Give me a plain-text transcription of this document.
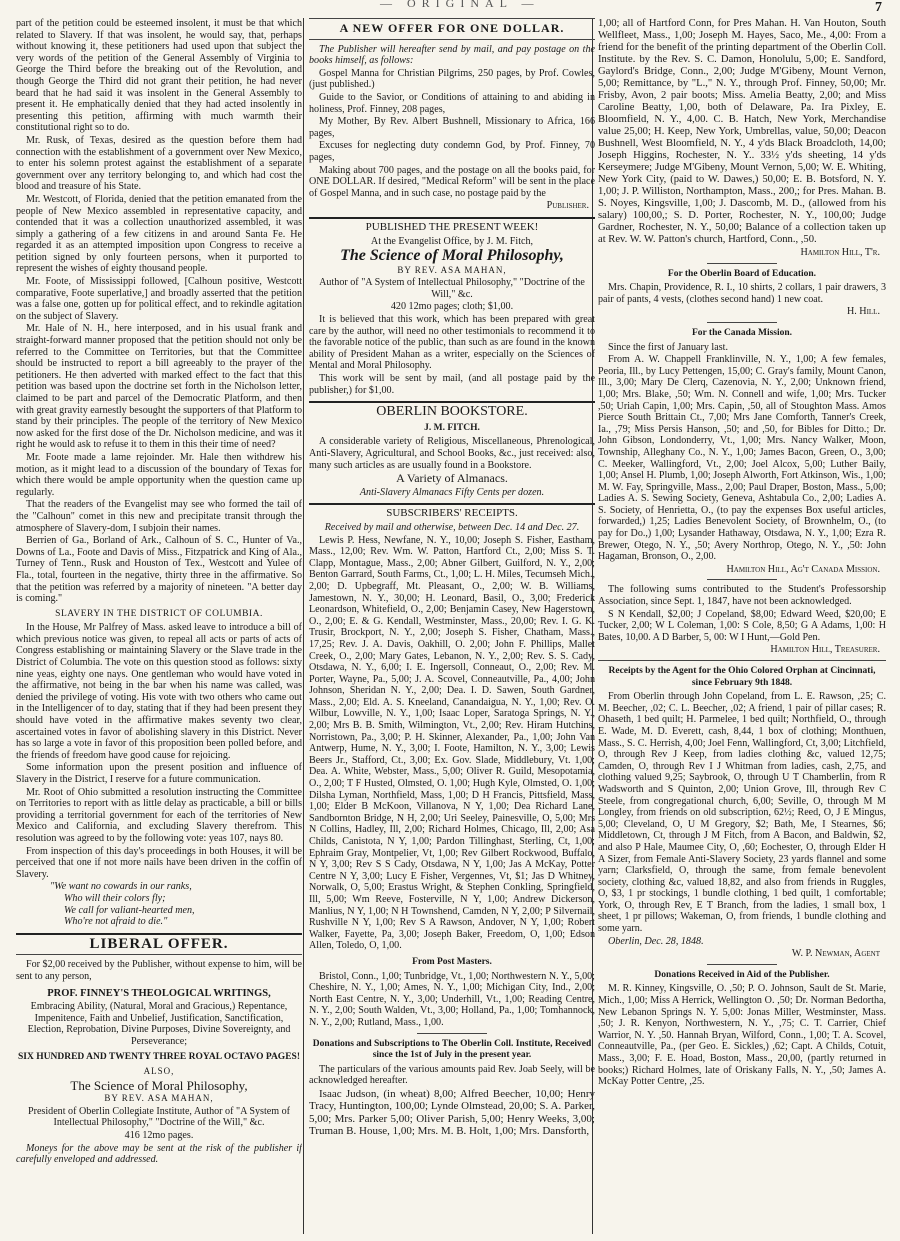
— ORIGINAL —	7

part of the petition could be esteemed insolent, it must be that which related to Slavery. If that was insolent, he would say, that, perhaps without knowing it, these petitioners had used upon that subject the very words of the petition of the General Assembly of Virginia to George the Third before the breaking out of the Revolution, and though George the Third did not grant their petition, he had never beard that he had said it was insolent in the General Assembly to present it. He emphatically denied that they had acted insolently in presenting this petition, affirming with much warmth their constitutional right so to do.

Mr. Rusk, of Texas, desired as the question before them had connection with the establishment of a government over New Mexico, to enter his solemn protest against the establishment of a separate government over any territory belonging to, and which had cost the blood and treasure of his State.

Mr. Westcott, of Florida, denied that the petition emanated from the people of New Mexico assembled in representative capacity, and contended that it was a collection unauthorized assembled, it was simply a gathering of a few citizens in and around Santa Fe. He regarded it as an attempted imposition upon Congress to receive a petition signed by only fourteen persons, when it purported to represent the wishes of eighty thousand people.

Mr. Foote, of Mississippi followed, [Calhoun positive, Westcott comparative, Foote superlative,] and broadly asserted that the petition was a false one, gotten up for political effect, and to rekindle agitation on the subject of Slavery.

Mr. Hale of N. H., here interposed, and in his usual frank and straight-forward manner proposed that the petition should not only be referred to the Committee on Territories, but that the Committee should be instructed to report a bill agreeably to the prayer of the petitioners. He then adverted with marked effect to the fact that this petition was based upon the doctrine set forth in the Nicholson letter, claimed to be part and parcel of the Democratic Platform, and then with great gravity earnestly besought the supporters of that Platform to stand by their principles. The people of the territory of New Mexico now asked for the first dose of the Dr. Nicholson medicine, and was it right he would ask to refuse it to them in this their time of need?

Mr. Foote made a lame rejoinder. Mr. Hale then withdrew his motion, as it might lead to a discussion of the boundary of Texas for which there would be ample opportunity when the question came up regularly.

That the readers of the Evangelist may see who formed the tail of the "Calhoun" comet in this new and precipitate transit through the atmosphere of Slavery-dom, I subjoin their names.

Berrien of Ga., Borland of Ark., Calhoun of S. C., Hunter of Va., Downs of La., Foote and Davis of Miss., Fitzpatrick and King of Ala., Turney of Tenn., Rusk and Houston of Tex., Westcott and Yulee of Fla., total, fourteen in the negative, thirty three in the affirmative. So that the petition was referred by a majority of nineteen. "A better day is coming."

SLAVERY IN THE DISTRICT OF COLUMBIA.

In the House, Mr Palfrey of Mass. asked leave to introduce a bill of which previous notice was given, to repeal all acts or parts of acts of Congress establishing or maintaining Slavery or the Slave trade in the District of Columbia. The vote on this question stood as follows: sixty nine yeas, eighty one nays. One gentleman who would have voted in the affirmative, not being in the bar when his name was called, was denied the privilege of voting. His vote with two others who came out in the Intelligencer of to day, stating that if they had been present they should have voted in the affirmative makes seventy two clear, ascertained votes in favor of abolishing slavery in this District. Never has so large a vote in favor of this proposition been polled before, and the friends of freedom have good cause for rejoicing.

Some information upon the present position and influence of Slavery in the District, I reserve for a future communication.

Mr. Root of Ohio submitted a resolution instructing the Committee on Territories to report with as little delay as practicable, a bill or bills providing a territorial government for each of the territories of New Mexico and California, and excluding Slavery therefrom. This resolution was agreed to by the following vote: yeas 107, nays 80.

From inspection of this day's proceedings in both Houses, it will be perceived that one if not more nails have been driven in the coffin of Slavery.

"We want no cowards in our ranks,
Who will their colors fly;
We call for valiant-hearted men,
Who're not afraid to die."
LIBERAL OFFER.

For $2,00 received by the Publisher, without expense to him, will be sent to any person,

PROF. FINNEY'S THEOLOGICAL WRITINGS,

Embracing Ability, (Natural, Moral and Gracious,) Repentance, Impenitence, Faith and Unbelief, Justification, Sanctification, Election, Reprobation, Divine Purposes, Divine Sovereignty, and Perseverance;

SIX HUNDRED AND TWENTY THREE ROYAL OCTAVO PAGES!
ALSO,
The Science of Moral Philosophy,
BY REV. ASA MAHAN,

President of Oberlin Collegiate Institute, Author of "A System of Intellectual Philosophy," "Doctrine of the Will," &c.

416 12mo pages.

Moneys for the above may be sent at the risk of the publisher if carefully enveloped and addressed.

A NEW OFFER FOR ONE DOLLAR.

The Publisher will hereafter send by mail, and pay postage on the books himself, as follows:

Gospel Manna for Christian Pilgrims, 250 pages, by Prof. Cowles, (just published.)

Guide to the Savior, or Conditions of attaining to and abiding in holiness, Prof. Finney, 208 pages,

My Mother, By Rev. Albert Bushnell, Missionary to Africa, 166 pages,

Excuses for neglecting duty condemn God, by Prof. Finney, 70 pages,

Making about 700 pages, and the postage on all the books paid, for ONE DOLLAR. If desired, "Medical Reform" will be sent in the place of Gospel Manna, and in such case, no postage paid by the

Publisher.
PUBLISHED THE PRESENT WEEK!

At the Evangelist Office, by J. M. Fitch,

The Science of Moral Philosophy,
BY REV. ASA MAHAN,

Author of "A System of Intellectual Philosophy," "Doctrine of the Will," &c.

420 12mo pages; cloth; $1,00.

It is believed that this work, which has been prepared with great care by the author, will need no other testimonials to recommend it to the favorable notice of the public, than such as are found in the known ability of President Mahan as a writer, especially on the Sciences of Mental and Moral Philosophy.

This work will be sent by mail, (and all postage paid by the publisher,) for $1,00.

OBERLIN BOOKSTORE.
J. M. FITCH.

A considerable variety of Religious, Miscellaneous, Phrenological, Anti-Slavery, Agricultural, and School Books, &c., just received: also, many such articles as are usually found in a Bookstore.

A Variety of Almanacs.

Anti-Slavery Almanacs Fifty Cents per dozen.

SUBSCRIBERS' RECEIPTS.

Received by mail and otherwise, between Dec. 14 and Dec. 27.

Lewis P. Hess, Newfane, N. Y., 10,00; Joseph S. Fisher, Eastham, Mass., 12,00; Rev. Wm. W. Patton, Hartford Ct., 2,00; Miss S. T. Clapp, Montague, Mass., 2,00; Abner Gilbert, Guilford, N. Y., 2,00; Benton Garrard, South Farms, Ct., 1,00; L. H. Miles, Tecumseh Mich., 2,00; D. Upbegraff, Mt. Pleasant, O., 2,00; W. B. Williams, Jamestown, N. Y., 30,00; H. Leonard, Basil, O., 3,00; Frederick Leonardson, Whitefield, O., 2,00; Benjamin Casey, New Hagerstown, O., 2,00; E. & G. Kendall, Westminster, Mass., 20,00; Rev. I. G. K. Trusir, Brockport, N. Y., 2,00; Joseph S. Fisher, Chatham, Mass., 17,25; Rev. J. A. Davis, Oakhill, O. 2,00; John F. Phillips, Mallet Creek, O., 2,00; Mary Gates, Lebanon, N. Y., 2,00; Rev. S. S. Cady, Otsdawa, N. Y., 6,00; I. E. Ingersoll, Conneaut, O., 2,00; Rev. M. Porter, Wayne, Pa., 5,00; J. A. Scovel, Conneautville, Pa., 4,00; John Johnson, Sheridan N. Y., 2,00; Dea. I. D. Sawen, South Gardner, Mass., 2,00; Eld. A. S. Kneeland, Canandaigua, N. Y., 1,00; Rev. O. Wilbur, Lowville, N. Y., 1,00; Isaac Loper, Saratoga Springs, N. Y., 2,00; Mrs B. B. Smith, Wilmington, Vt., 2,00; Rev. Hiram Hutchins, Norristown, Pa., 3,00; P. H. Skinner, Alexander, Pa., 1,00; John Van Antwerp, Hume, N. Y., 3,00; I. Foote, Hamilton, N. Y., 3,00; Lewis Beers Jr., Stafford, Ct., 3,00; Ex. Gov. Slade, Middlebury, Vt. 1,00; Dea. A. White, Webster, Mass., 5,00; Oliver R. Guild, Mesopotamia, O., 2,00; T F Husted, Olmsted, O. 1,00; Hugh Kyle, Olmsted, O. 1,00; Dilsha Lyman, Northfield, Mass, 1,00; D H Francis, Pittsfield, Mass, 1,00; Elder B McKoon, Villanova, N Y, 1,00; Dea Richard Lane, Sandbornton Bridge, N H, 2,00; Uri Seeley, Painesville, O, 5,00; Mrs N Collins, Hadley, Ill, 2,00; Richard Holmes, Chicago, Ill, 2,00; Asa Childs, Canistota, N Y, 1,00; Pardon Tillinghast, Sterling, Ct, 1,00; Ephraim Gray, Montpelier, Vt, 1,00; Rev Gilbert Rockwood, Buffalo, N Y, 3,00; Rev S S Cady, Otsdawa, N Y, 1,00; Jas A McKay, Potter Centre N Y, 3,00; Lucy E Fisher, Vergennes, Vt, $1; Jas D Whitney, Norwalk, O, 5,00; Erastus Wright, & Stephen Conkling, Springfield, Ill, 5,00; Wm Reeve, Fosterville, N Y, 1,00; Andrew Dickerson, Manlius, N Y, 1,00; N H Townshend, Camden, N Y, 2,00; P Silvernail, Rushville N Y, 1,00; Rev S A Rawson, Andover, N Y, 1,00; Robert Walker, Fayette, Pa, 3,00; Joseph Baker, Freedom, O, 1,00; Edson Allen, Toledo, O, 1,00.

From Post Masters.

Bristol, Conn., 1,00; Tunbridge, Vt., 1,00; Northwestern N. Y., 5,00; Cheshire, N. Y., 1,00; Ames, N. Y., 1,00; Michigan City, Ind., 2,00; North East Centre, N. Y., 3,00; Underhill, Vt., 1,00; Reading Centre, N. Y., 2,00; South Walden, Vt., 3,00; Holland, Pa., 1,00; Tomhannock, N. Y., 2,00; Rutland, Mass., 1,00.

Donations and Subscriptions to The Oberlin Coll. Institute, Received since the 1st of July in the present year.

The particulars of the various amounts paid Rev. Joab Seely, will be acknowledged hereafter.

Isaac Judson, (in wheat) 8,00; Alfred Beecher, 10,00; Henry Tracy, Huntington, 100,00; Lynde Olmstead, 20,00; S. A. Parker, 5,00; Mrs. Parker 5,00; Oliver Parish, 5,00; Henry Weeks, 3,00; Truman B. House, 1,00; Mrs. M. B. Holt, 1,00; Mrs. Dansforth,

1,00; all of Hartford Conn, for Pres Mahan. H. Van Houton, South Wellfleet, Mass., 1,00; Joseph M. Hayes, Saco, Me., 4,00: From a friend for the benefit of the printing department of the Oberlin Coll. Institute. by the Rev. S. C. Damon, Honolulu, 5,00; E. Sandford, Gaylord's Bridge, Conn., 2,00; Judge M'Gibeny, Mount Vernon, 5,00; Remittance, by "L.," N. Y., through Prof. Finney, 50,00; Mr. Frisby, Avon, 2 pair boots; Miss. Amelia Beatty, 2,00; and Miss Caroline Beatty, 1,00, both of Delaware, Pa. Ira Pixley, E. Bloomfield, N. Y., 4,00. C. B. Hatch, New York, Merchandise value 25,00; H. Keep, New York, Umbrellas, value, 50,00; Deacon Bushnell, West Bloomfield, N. Y., 4 y'ds Black Broadcloth, 14,00; Joseph Higgins, Rochester, N. Y.. 33½ y'ds sheeting, 14 y'ds Kerseymere; Judge M'Gibeny, Mount Vernon, 5,00; W. E. Whiting, New York City, (paid to W. Dawes,) 50,00; E. B. Botsford, N. Y. 1,00; J. P. Williston, Northampton, Mass., 200,; for Pres. Mahan. B. S. Noyes, Kingsville, 1,00; J. Dascomb, M. D., (allowed from his salary) 100,00,; S. D. Porter, Rochester, N. Y., 100,00; Judge Gardner, Rochester, N. Y., 50,00; Balance of a collection taken up at Rev. W. W. Patton's church, Hartford, Conn., ,50.

Hamilton Hill, T'r.
For the Oberlin Board of Education.

Mrs. Chapin, Providence, R. I., 10 shirts, 2 collars, 1 pair drawers, 3 pair of pants, 4 vests, (clothes second hand) 1 new coat.

H. Hill.
For the Canada Mission.

Since the first of January last.

From A. W. Chappell Franklinville, N. Y., 1,00; A few females, Peoria, Ill., by Lucy Pettengen, 15,00; C. Gray's family, Mount Canon, Ill., 3,00; Mary De Clerq, Cazenovia, N. Y., 2,00; Unknown friend, 1,00; Mrs. Blake, ,50; Wm. N. Connell and wife, 1,00; Mrs. Tucker ,50; Uriah Capin, 1,00; Mrs. Capin, ,50, all of Stoughton Mass. Amos Pierce South Brittain Ct., 7,00; Mrs Jane Comforth, Tanner's Creek, Ia., ,79; Miss Persis Hanson, ,50; and ,50, for Bibles for Ditto.; Dr. John Gibson, Londonderry, Vt., 1,00; Mrs. Nancy Walker, Moon, Township, Alleghany Co., N. Y., 1,00; James Bacon, Green, O., 3,00; C. Meeker, Wallingford, Vt., 2,00; Joel Alcox, 5,00; Luther Baily, 1,00; Ansel H. Plumb, 1,00; Joseph Alworth, Fort Atkinson, Wis., 1,00; M. W. Fay, Springville, Mass., 2,00; Paul Draper, Boston, Mass., 5,00; Ladies A. S. Sewing Society, Geneva, Ashtabula Co., 2,00; Ladies A. S. Society, of Henrietta, O., (to pay the expenses Box useful articles, forwarded,) 1,25; Ladies Benevolent Society, of Brownhelm, O., (to pay for Do.,) 1,00; Lysander Hathaway, Otsdawa, N. Y., 1,00; Ezra R. Brewer, Otego, N. Y., ,50; Avery Northrop, Otego, N. Y., ,50: John Hagaman, Bronson, O., 2,00.

Hamilton Hill, Ag't Canada Mission.

The following sums contributed to the Student's Professorship Association, since Sept. 1, 1847, have not been acknowledged.

S N Kendall, $2,00; J Copeland, $8,00; Edward Weed, $20,00; E Tucker, 2,00; W L Coleman, 1,00: S Cole, 8,50; G A Adams, 1,00: H Bates, 10,00. A D Barber, 5, 00: W I Hunt,—Gold Pen.

Hamilton Hill, Treasurer.
Receipts by the Agent for the Ohio Colored Orphan at Cincinnati, since February 9th 1848.

From Oberlin through John Copeland, from L. E. Rawson, ,25; C. M. Beecher, ,02; C. L. Beecher, ,02; A friend, 1 pair of pillar cases; R. Ohaseth, 1 bed quilt; H. Parmelee, 1 bed quilt; Northfield, O., through E. Wade, M. D. Everett, cash, 8,44, 1 box of clothing; Monthuen, Mass., S. C. Herrish, 4,00; Joel Fenn, Wallingford, Ct, 3,00; Litchfield, O, through Rev J Keep, from ladies clothing &c, valued 12,75; Camden, O, through Rev I J Whitman from ladies, cash, 2,75, and clothing valued 9,25; Saybrook, O, through U T Chamberlin, from R Wadsworth and S Quinton, 2,00; Union Grove, Ill, through Rev C Steele, from congregational church, 6,00; Seville, O, through M M Longley, from friends on old subscription, 62½; Reed, O, J E Mingus, 5,00; Cleveland, O, U M Gregory, $2; Bath, Me, I Stearnes, $6; Middletown, Ct, through J M Fitch, from A Bacon, and Baldwin, $2, and also P Hale, Maumee City, O, ,60; Eochester, O, through Elder H A Sizer, from Female Anti-Slavery Society, 23 yards flannel and some yarn; Clarksfield, O, through the same, from female benevolent society, clothing &c, valued 18,82, and also from friends in Ruggles, O, $3, 1 pr stockings, 1 bundle clothing, 1 bed quilt, 1 comfortable; York, O, through Rev, E T Branch, from the ladies, 1 small box, 1 sheet, 1 pr pillows; Wakeman, O, from friends, 1 bundle clothing and some yarn.

Oberlin, Dec. 28, 1848.

W. P. Newman, Agent
Donations Received in Aid of the Publisher.

M. R. Kinney, Kingsville, O. ,50; P. O. Johnson, Sault de St. Marie, Mich., 1,00; Miss A Herrick, Wellington O. ,50; Dr. Norman Bedortha, New Lebanon Springs N. Y. 5,00: Jonas Miller, Westminster, Mass. ,50; J. R. Kenyon, Northwestern, N. Y., ,75; C. T. Carrier, Chief Warrior, N. Y. ,50. Hannah Bryan, Wilford, Conn., 1,00; T. A. Scovel, Conneautville, Pa., (per Geo. E. Sickles,) ,62; Capt. A Childs, Cotuit, Mass., 3,00; F. E. Hoad, Boston, Mass., 20,00, (partly returned in books;) Richard Holmes, late of Oriskany Falls, N. Y., ,50; James A. McKay Potter Centre, ,25.
